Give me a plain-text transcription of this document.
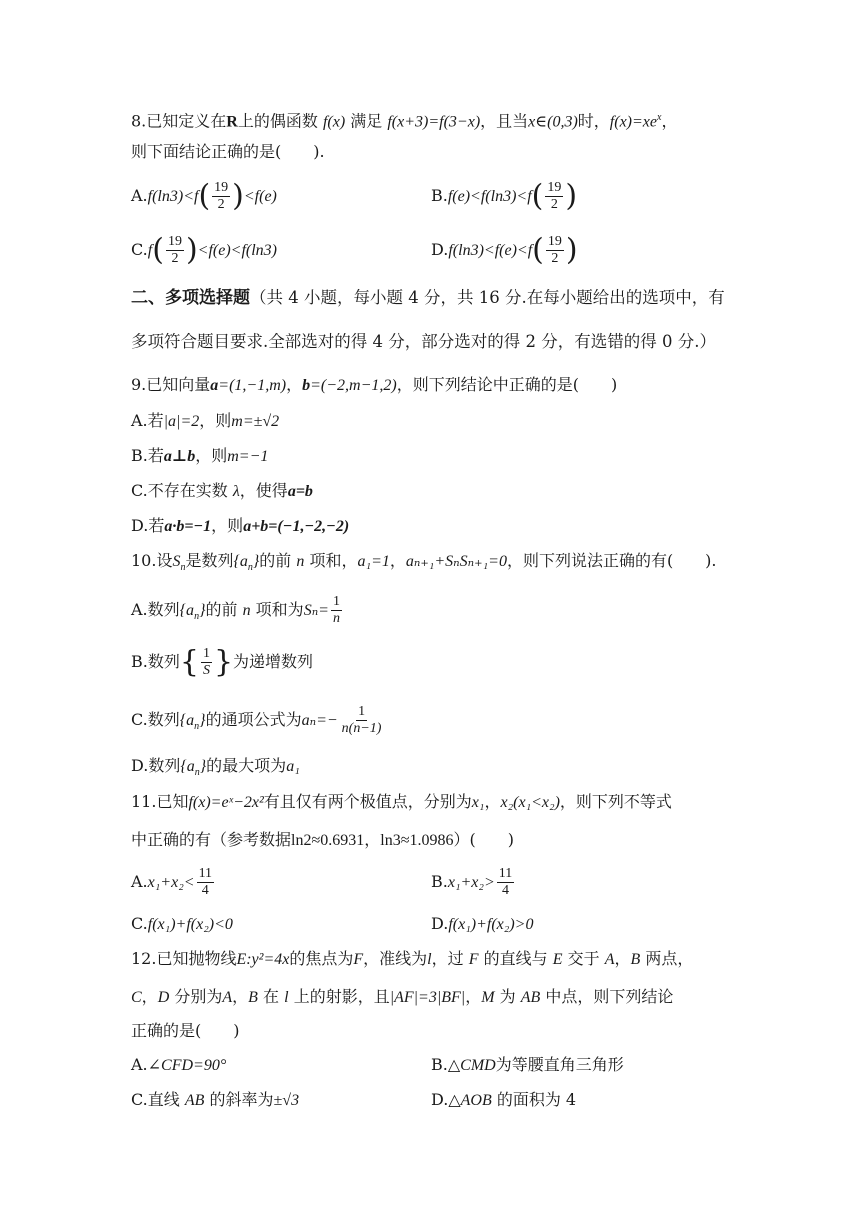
8.已知定义在R上的偶函数 f(x) 满足 f(x+3)=f(3−x)，且当x∈(0,3)时，$f(x)=xe^x$，
则下面结论正确的是(　　).
$A.f(\ln 3)<f( \frac{19}{2} )<f(e)$	$B.f(e)<f(\ln 3)<f( \frac{19}{2}$ )
$C.f( \frac{19}{2} )<f(e)<f(\ln 3)$	$D.f(\ln 3)<f(e)<f( \frac{19}{2}$ )
二、多项选择题（共 4 小题，每小题 4 分，共 16 分.在每小题给出的选项中，有
多项符合题目要求.全部选对的得 4 分，部分选对的得 2 分，有选错的得 0 分.）
9.已知向量a=(1,−1,m)，b=(−2,m−1,2)，则下列结论中正确的是(　　)
A.若|a|=2，则m=±√2
B.若a⊥b，则m=−1
C.不存在实数 λ，使得a=b
D.若a·b=−1，则a+b=(−1,−2,−2)
10.设$S_n$是数列$\{a_n\}$的前 n 项和，a₁=1，aₙ₊₁+SₙSₙ₊₁=0，则下列说法正确的有(　　).
A.数列$\{a_n\}$的前 n 项和为$S_n= \frac{1}{n}$
B.数列{ $\frac{1}{S}$ }为递增数列
C.数列$\{a_n\}$的通项公式为$a_n=- \frac{1}{n(n-1)}$
D.数列$\{a_n\}$的最大项为a₁
11.已知f(x)=eˣ−2x²有且仅有两个极值点，分别为x₁，x₂(x₁<x₂)，则下列不等式
中正确的有（参考数据ln2≈0.6931，ln3≈1.0986）(　　)
$A.x_1+x_2< \frac{11}{4}$	$B.x_1+x_2> \frac{11}{4}$
C.f(x₁)+f(x₂)<0	D.f(x₁)+f(x₂)>0
12.已知抛物线E:y²=4x的焦点为F，准线为l，过 F 的直线与 E 交于 A，B 两点，
C，D 分别为A，B 在 l 上的射影，且|AF|=3|BF|，M 为 AB 中点，则下列结论
正确的是(　　)
A.∠CFD=90°	B.△CMD为等腰直角三角形
C.直线 AB 的斜率为±√3	D.△AOB 的面积为 4
